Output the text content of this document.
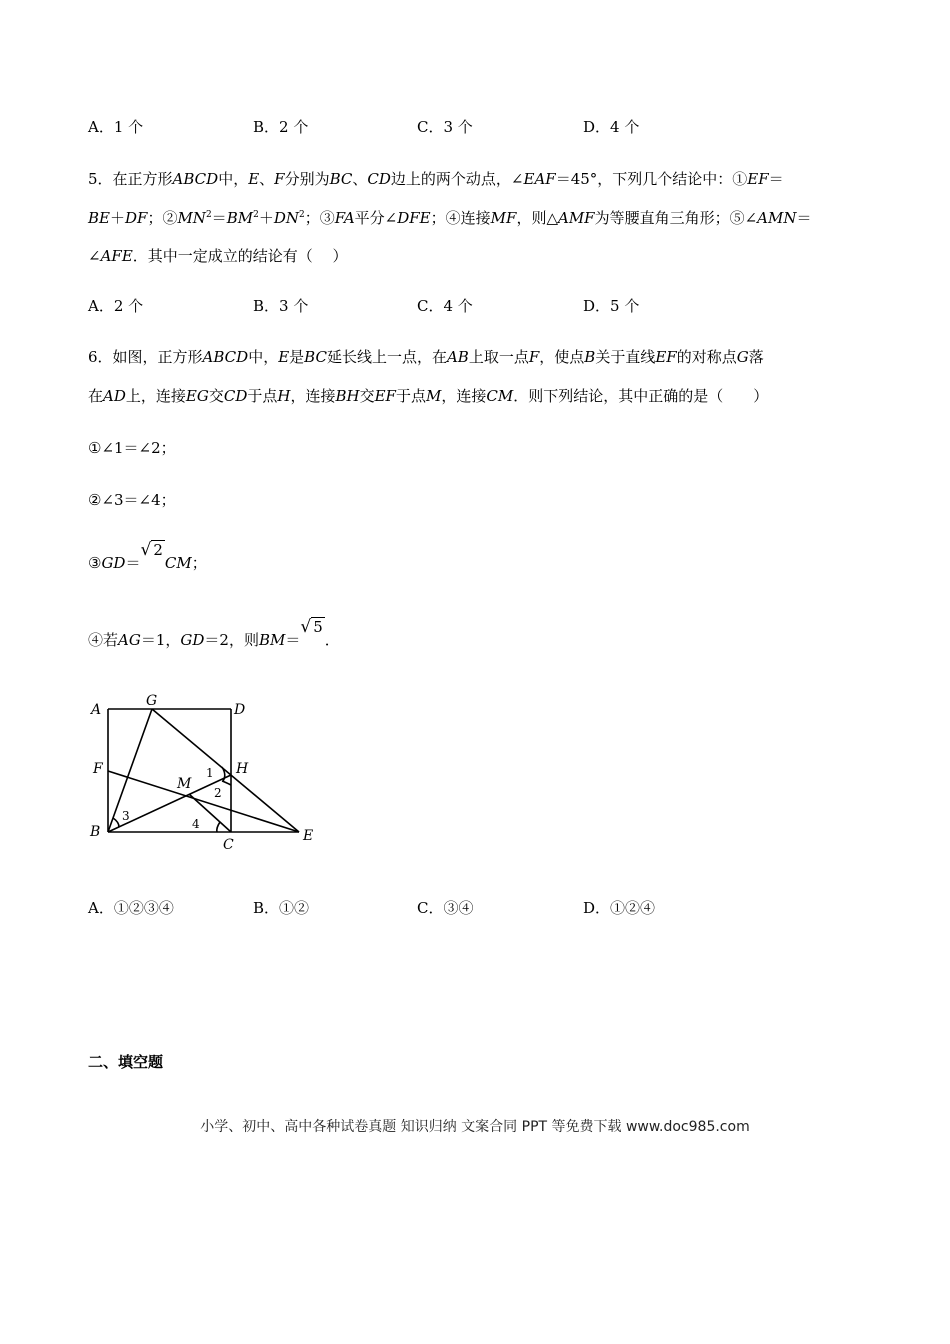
A．1 个	B．2 个	C．3 个	D．4 个
5．在正方形ABCD中，E、F分别为BC、CD边上的两个动点，∠EAF＝45°，下列几个结论中：①EF＝
BE＋DF；$②MN^2=BM^2+DN^2$；③FA平分∠DFE；④连接MF，则△AMF为等腰直角三角形；⑤∠AMN＝
∠AFE．其中一定成立的结论有（　 ）
A．2 个	B．3 个	C．4 个	D．5 个
6．如图，正方形ABCD中，E是BC延长线上一点，在AB上取一点F，使点B关于直线EF的对称点G落
在AD上，连接EG交CD于点H，连接BH交EF于点M，连接CM．则下列结论，其中正确的是（　　）
①∠1＝∠2；
②∠3＝∠4；
③GD＝√ 2CM；
④若AG＝1，GD＝2，则BM＝√ 5．
A
G
D
F	H
M
B
C
E
1
2
3
4
A．①②③④	B．①②	C．③④	D．①②④
二、填空题
小学、初中、高中各种试卷真题 知识归纳 文案合同 PPT 等免费下载 www.doc985.com
